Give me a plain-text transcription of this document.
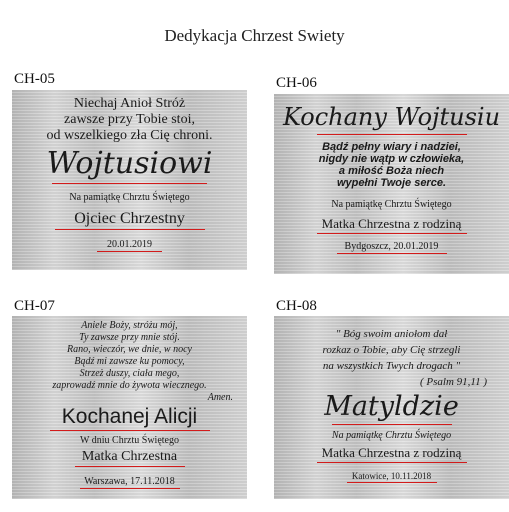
Dedykacja Chrzest Swiety
CH-05
Niechaj Anioł Stróż
zawsze przy Tobie stoi,
od wszelkiego zła Cię chroni.
Wojtusiowi
Na pamiątkę Chrztu Świętego
Ojciec Chrzestny
20.01.2019
CH-06
Kochany Wojtusiu
Bądź pełny wiary i nadziei,
nigdy nie wątp w człowieka,
a miłość Boża niech
wypełni Twoje serce.
Na pamiątkę Chrztu Świętego
Matka Chrzestna z rodziną
Bydgoszcz, 20.01.2019
CH-07
Aniele Boży, stróżu mój,
Ty zawsze przy mnie stój.
Rano, wieczór, we dnie, w nocy
Bądź mi zawsze ku pomocy,
Strzeż duszy, ciała mego,
zaprowadź mnie do żywota wiecznego.
Amen.
Kochanej Alicji
W dniu Chrztu Świętego
Matka Chrzestna
Warszawa, 17.11.2018
CH-08
" Bóg swoim aniołom dał
rozkaz o Tobie, aby Cię strzegli
na wszystkich Twych drogach "
( Psalm 91,11 )
Matyldzie
Na pamiątkę Chrztu Świętego
Matka Chrzestna z rodziną
Katowice, 10.11.2018
